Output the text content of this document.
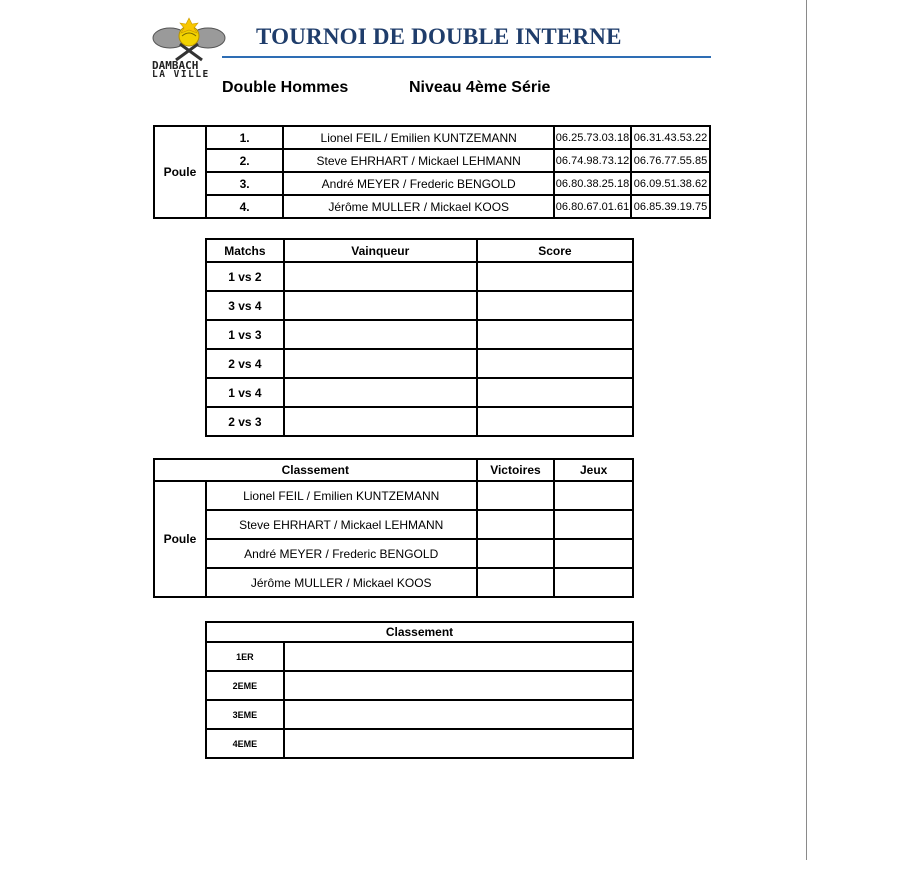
DAMBACH
LA VILLE
TOURNOI DE DOUBLE INTERNE
Double Hommes	Niveau 4ème Série
Poule	1.	Lionel FEIL / Emilien KUNTZEMANN	06.25.73.03.18	06.31.43.53.22
	2.	Steve EHRHART / Mickael LEHMANN	06.74.98.73.12	06.76.77.55.85
	3.	André MEYER / Frederic BENGOLD	06.80.38.25.18	06.09.51.38.62
	4.	Jérôme MULLER / Mickael KOOS	06.80.67.01.61	06.85.39.19.75
Matchs	Vainqueur	Score
1 vs 2		
3 vs 4		
1 vs 3		
2 vs 4		
1 vs 4		
2 vs 3		
Classement		Victoires	Jeux
Poule	Lionel FEIL / Emilien KUNTZEMANN		
	Steve EHRHART / Mickael LEHMANN		
	André MEYER / Frederic BENGOLD		
	Jérôme MULLER / Mickael KOOS		
Classement	
1ER	
2EME	
3EME	
4EME	
